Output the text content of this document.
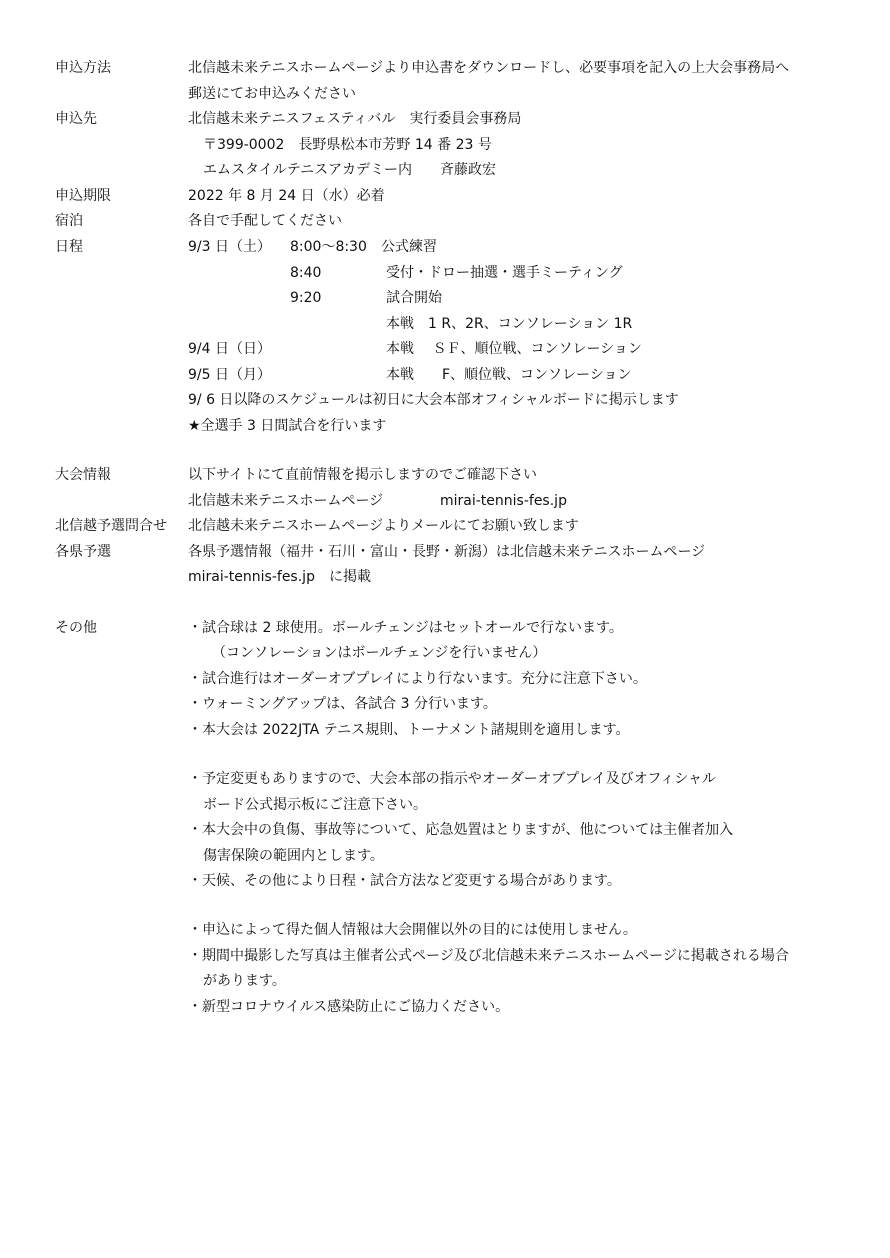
申込方法	北信越未来テニスホームページより申込書をダウンロードし、必要事項を記入の上大会事務局へ
郵送にてお申込みください
申込先	北信越未来テニスフェスティバル　実行委員会事務局
〒399-0002　長野県松本市芳野 14 番 23 号
エムスタイルテニスアカデミー内　　斉藤政宏
申込期限	2022 年 8 月 24 日（水）必着
宿泊	各自で手配してください
日程	9/3 日（土） 8:00～8:30 公式練習
8:40	受付・ドロー抽選・選手ミーティング
9:20	試合開始
本戦　1 R、2R、コンソレーション 1R
9/4 日（日）	本戦　 ＳＦ、順位戦、コンソレーション
9/5 日（月）	本戦　　F、順位戦、コンソレーション
9/ 6 日以降のスケジュールは初日に大会本部オフィシャルボードに掲示します
★全選手 3 日間試合を行います
大会情報	以下サイトにて直前情報を掲示しますのでご確認下さい
北信越未来テニスホームページ	mirai-tennis-fes.jp
北信越予選問合せ 北信越未来テニスホームページよりメールにてお願い致します
各県予選	各県予選情報（福井・石川・富山・長野・新潟）は北信越未来テニスホームページ
mirai-tennis-fes.jp　に掲載
その他	・試合球は 2 球使用。ボールチェンジはセットオールで行ないます。
（コンソレーションはボールチェンジを行いません）
・試合進行はオーダーオブプレイにより行ないます。充分に注意下さい。
・ウォーミングアップは、各試合 3 分行います。
・本大会は 2022JTA テニス規則、トーナメント諸規則を適用します。
・予定変更もありますので、大会本部の指示やオーダーオブプレイ及びオフィシャル
ボード公式掲示板にご注意下さい。
・本大会中の負傷、事故等について、応急処置はとりますが、他については主催者加入
傷害保険の範囲内とします。
・天候、その他により日程・試合方法など変更する場合があります。
・申込によって得た個人情報は大会開催以外の目的には使用しません。
・期間中撮影した写真は主催者公式ページ及び北信越未来テニスホームページに掲載される場合
があります。
・新型コロナウイルス感染防止にご協力ください。
